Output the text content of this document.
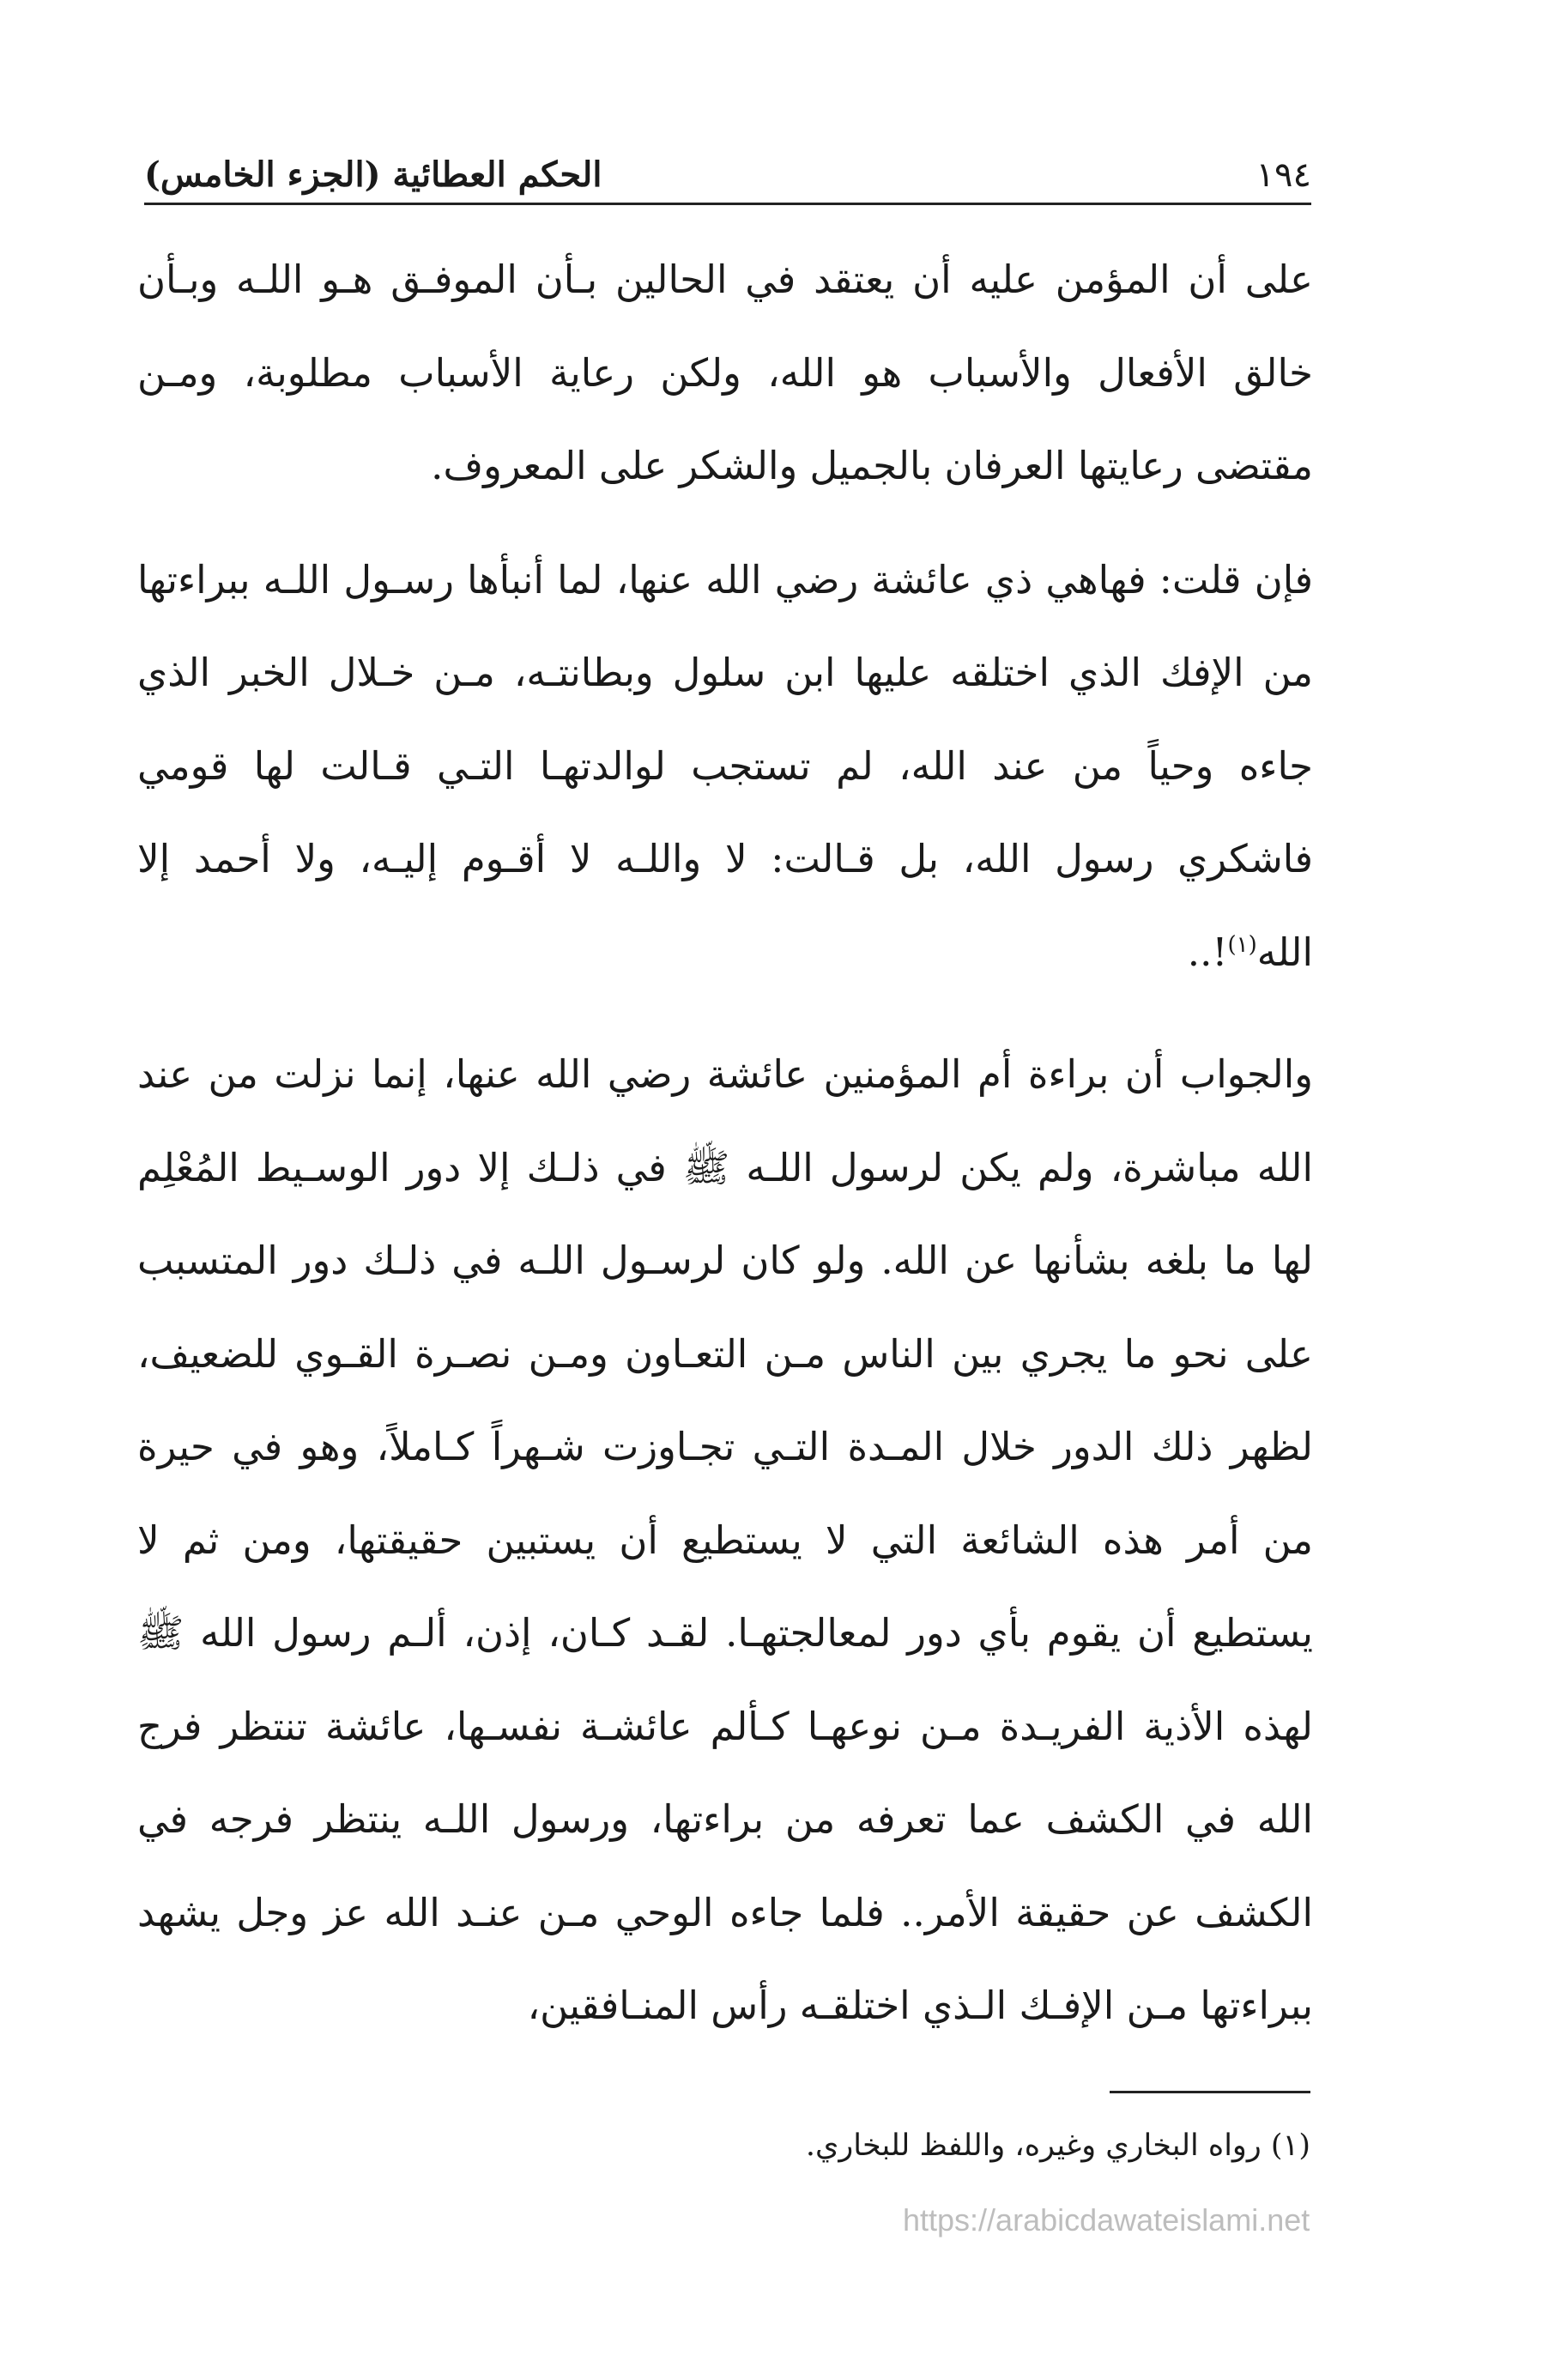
١٩٤
الحكم العطائية (الجزء الخامس)

على أن المؤمن عليه أن يعتقد في الحالين بـأن الموفـق هـو اللـه وبـأن خالق الأفعال والأسباب هو الله، ولكن رعاية الأسباب مطلوبة، ومـن مقتضى رعايتها العرفان بالجميل والشكر على المعروف.

فإن قلت: فهاهي ذي عائشة رضي الله عنها، لما أنبأها رسـول اللـه ببراءتها من الإفك الذي اختلقه عليها ابن سلول وبطانتـه، مـن خـلال الخبر الذي جاءه وحياً من عند الله، لم تستجب لوالدتهـا التـي قـالت لها قومي فاشكري رسول الله، بل قـالت: لا واللـه لا أقـوم إليـه، ولا أحمد إلا الله$^{(١)}$!..

والجواب أن براءة أم المؤمنين عائشة رضي الله عنها، إنما نزلت من عند الله مباشرة، ولم يكن لرسول اللـه ﷺ في ذلـك إلا دور الوسـيط المُعْلِم لها ما بلغه بشأنها عن الله. ولو كان لرسـول اللـه في ذلـك دور المتسبب على نحو ما يجري بين الناس مـن التعـاون ومـن نصـرة القـوي للضعيف، لظهر ذلك الدور خلال المـدة التـي تجـاوزت شـهراً كـاملاً، وهو في حيرة من أمر هذه الشائعة التي لا يستطيع أن يستبين حقيقتها، ومن ثم لا يستطيع أن يقوم بأي دور لمعالجتهـا. لقـد كـان، إذن، ألـم رسول الله ﷺ لهذه الأذية الفريـدة مـن نوعهـا كـألم عائشـة نفسـها، عائشة تنتظر فرج الله في الكشف عما تعرفه من براءتها، ورسول اللـه ينتظر فرجه في الكشف عن حقيقة الأمر.. فلما جاءه الوحي مـن عنـد الله عز وجل يشهد ببراءتها مـن الإفـك الـذي اختلقـه رأس المنـافقين،

(١) رواه البخاري وغيره، واللفظ للبخاري.
https://arabicdawateislami.net
